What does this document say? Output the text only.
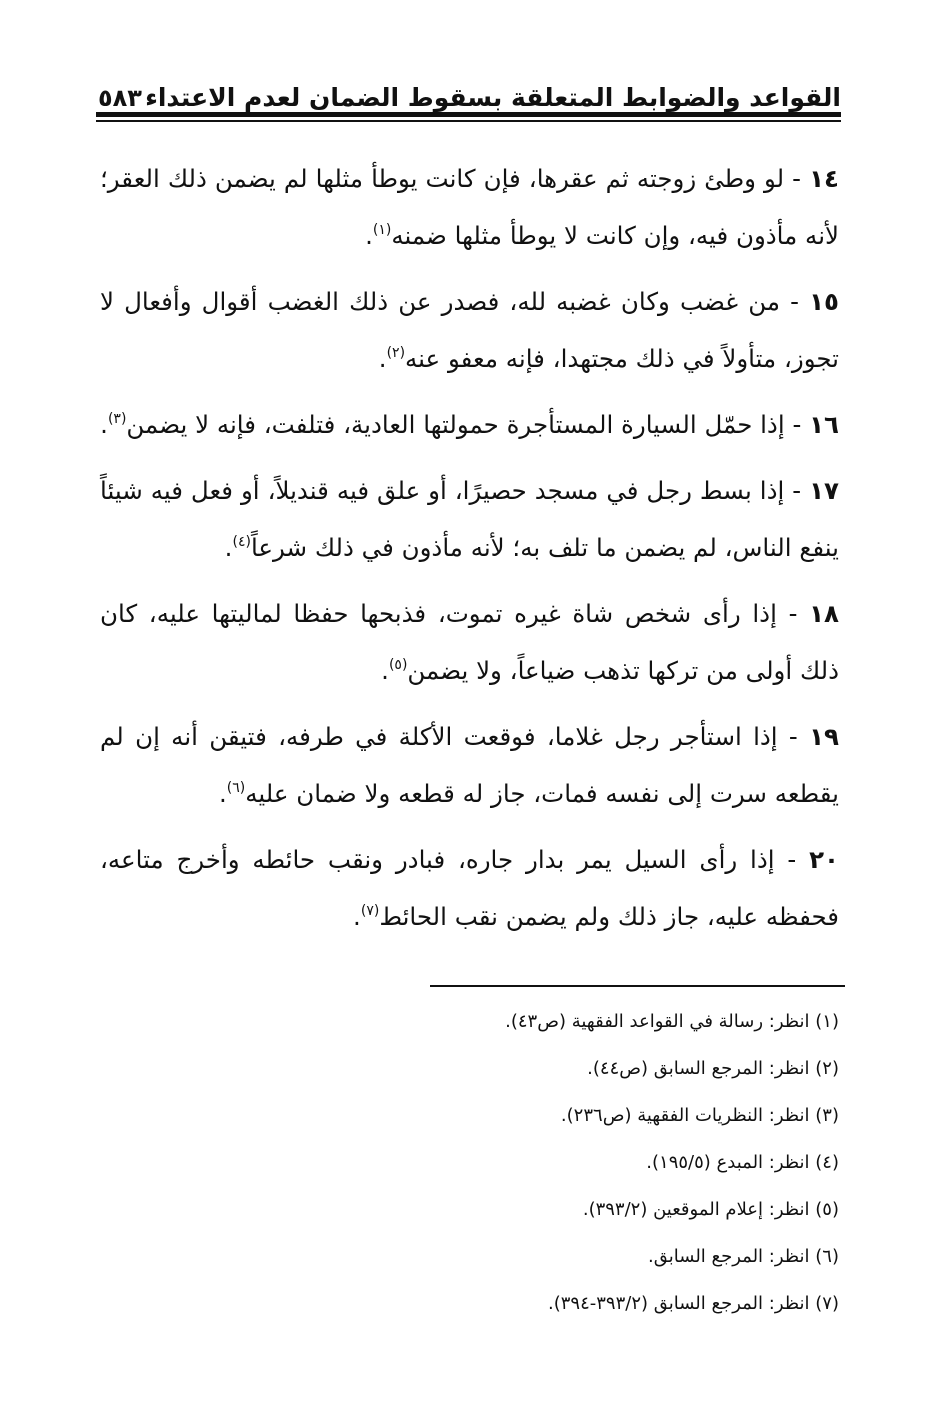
القواعد والضوابط المتعلقة بسقوط الضمان لعدم الاعتداء
٥٨٣

١٤ - لو وطئ زوجته ثم عقرها، فإن كانت يوطأ مثلها لم يضمن ذلك العقر؛ لأنه مأذون فيه، وإن كانت لا يوطأ مثلها ضمنه$^{(١)}$.

١٥ - من غضب وكان غضبه لله، فصدر عن ذلك الغضب أقوال وأفعال لا تجوز، متأولاً في ذلك مجتهدا، فإنه معفو عنه$^{(٢)}$.

١٦ - إذا حمّل السيارة المستأجرة حمولتها العادية، فتلفت، فإنه لا يضمن$^{(٣)}$.

١٧ - إذا بسط رجل في مسجد حصيرًا، أو علق فيه قنديلاً، أو فعل فيه شيئاً ينفع الناس، لم يضمن ما تلف به؛ لأنه مأذون في ذلك شرعاً$^{(٤)}$.

١٨ - إذا رأى شخص شاة غيره تموت، فذبحها حفظا لماليتها عليه، كان ذلك أولى من تركها تذهب ضياعاً، ولا يضمن$^{(٥)}$.

١٩ - إذا استأجر رجل غلاما، فوقعت الأكلة في طرفه، فتيقن أنه إن لم يقطعه سرت إلى نفسه فمات، جاز له قطعه ولا ضمان عليه$^{(٦)}$.

٢٠ - إذا رأى السيل يمر بدار جاره، فبادر ونقب حائطه وأخرج متاعه، فحفظه عليه، جاز ذلك ولم يضمن نقب الحائط$^{(٧)}$.

(١) انظر: رسالة في القواعد الفقهية (ص٤٣).
(٢) انظر: المرجع السابق (ص٤٤).
(٣) انظر: النظريات الفقهية (ص٢٣٦).
(٤) انظر: المبدع (١٩٥/٥).
(٥) انظر: إعلام الموقعين (٣٩٣/٢).
(٦) انظر: المرجع السابق.
(٧) انظر: المرجع السابق (٣٩٣/٢-٣٩٤).
